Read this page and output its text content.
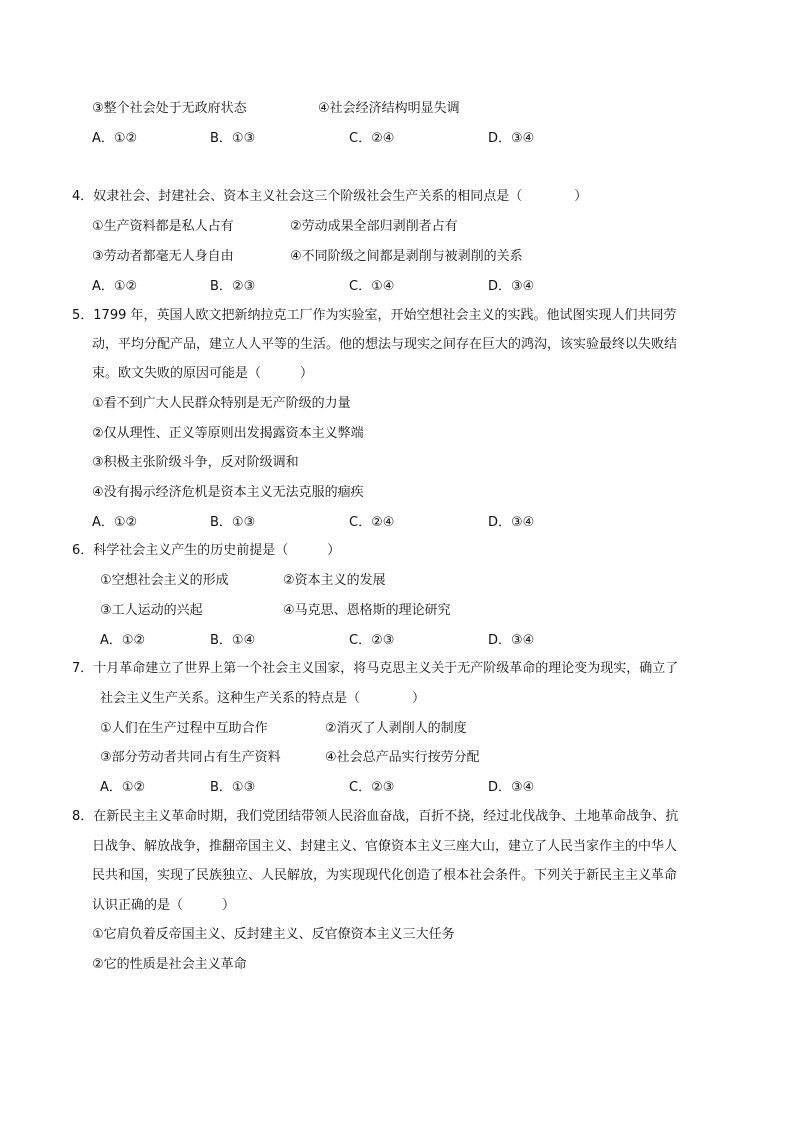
③整个社会处于无政府状态	④社会经济结构明显失调
A．①②	B．①③	C．②④	D．③④
4．奴隶社会、封建社会、资本主义社会这三个阶级社会生产关系的相同点是（　　　　）
①生产资料都是私人占有	②劳动成果全部归剥削者占有
③劳动者都毫无人身自由	④不同阶级之间都是剥削与被剥削的关系
A．①②	B．②③	C．①④	D．③④
5．1799 年，英国人欧文把新纳拉克工厂作为实验室，开始空想社会主义的实践。他试图实现人们共同劳
动，平均分配产品，建立人人平等的生活。他的想法与现实之间存在巨大的鸿沟，该实验最终以失败结
束。欧文失败的原因可能是（　　　）
①看不到广大人民群众特别是无产阶级的力量
②仅从理性、正义等原则出发揭露资本主义弊端
③积极主张阶级斗争，反对阶级调和
④没有揭示经济危机是资本主义无法克服的痼疾
A．①②	B．①③	C．②④	D．③④
6．科学社会主义产生的历史前提是（　　　）
①空想社会主义的形成	②资本主义的发展
③工人运动的兴起	④马克思、恩格斯的理论研究
A．①②	B．①④	C．②③	D．③④
7．十月革命建立了世界上第一个社会主义国家，将马克思主义关于无产阶级革命的理论变为现实，确立了
社会主义生产关系。这种生产关系的特点是（　　　　）
①人们在生产过程中互助合作	②消灭了人剥削人的制度
③部分劳动者共同占有生产资料	④社会总产品实行按劳分配
A．①②	B．①③	C．②③	D．③④
8．在新民主主义革命时期，我们党团结带领人民浴血奋战，百折不挠，经过北伐战争、土地革命战争、抗
日战争、解放战争，推翻帝国主义、封建主义、官僚资本主义三座大山，建立了人民当家作主的中华人
民共和国，实现了民族独立、人民解放，为实现现代化创造了根本社会条件。下列关于新民主主义革命
认识正确的是（　　　）
①它肩负着反帝国主义、反封建主义、反官僚资本主义三大任务
②它的性质是社会主义革命
